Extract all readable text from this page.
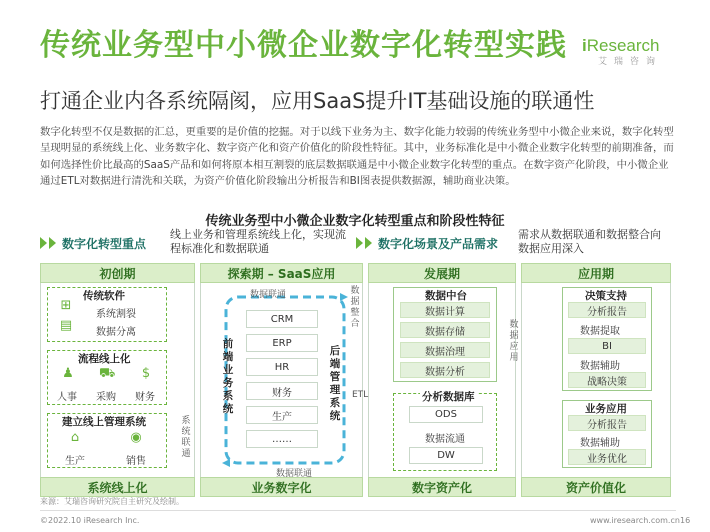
传统业务型中小微企业数字化转型实践
打通企业内各系统隔阂，应用SaaS提升IT基础设施的联通性
iResearch
艾瑞咨询
数字化转型不仅是数据的汇总，更重要的是价值的挖掘。对于以线下业务为主、数字化能力较弱的传统业务型中小微企业来说，数字化转型呈现明显的系统线上化、业务数字化、数字资产化和资产价值化的阶段性特征。其中，业务标准化是中小微企业数字化转型的前期准备，而如何选择性价比最高的SaaS产品和如何将原本相互割裂的底层数据联通是中小微企业数字化转型的重点。在数字资产化阶段，中小微企业通过ETL对数据进行清洗和关联，为资产价值化阶段输出分析报告和BI图表提供数据源，辅助商业决策。
传统业务型中小微企业数字化转型重点和阶段性特征
数字化转型重点
线上业务和管理系统线上化，实现流程标准化和数据联通	数字化场景及产品需求
需求从数据联通和数据整合向数据应用深入
初创期	探索期 – SaaS应用	发展期	应用期
系统线上化	业务数字化	数字资产化	资产价值化
传统软件
⊞
▤
系统割裂
数据分离
流程线上化
♟ ⛟ $
人事 采购 财务
建立线上管理系统
⌂	◉
生产	销售
系统联通
数据联通
数据联通
前端业务系统
后端管理系统
CRM
ERP
HR
财务
生产
……
数据整合
ETL
数据中台
数据计算
数据存储
数据治理
数据分析
分析数据库
ODS
数据流通
DW
数据应用
决策支持
分析报告
数据提取
BI
数据辅助
战略决策
业务应用
分析报告
数据辅助
业务优化
来源：艾瑞咨询研究院自主研究及绘制。
©2022.10 iResearch Inc.	www.iresearch.com.cn 16
